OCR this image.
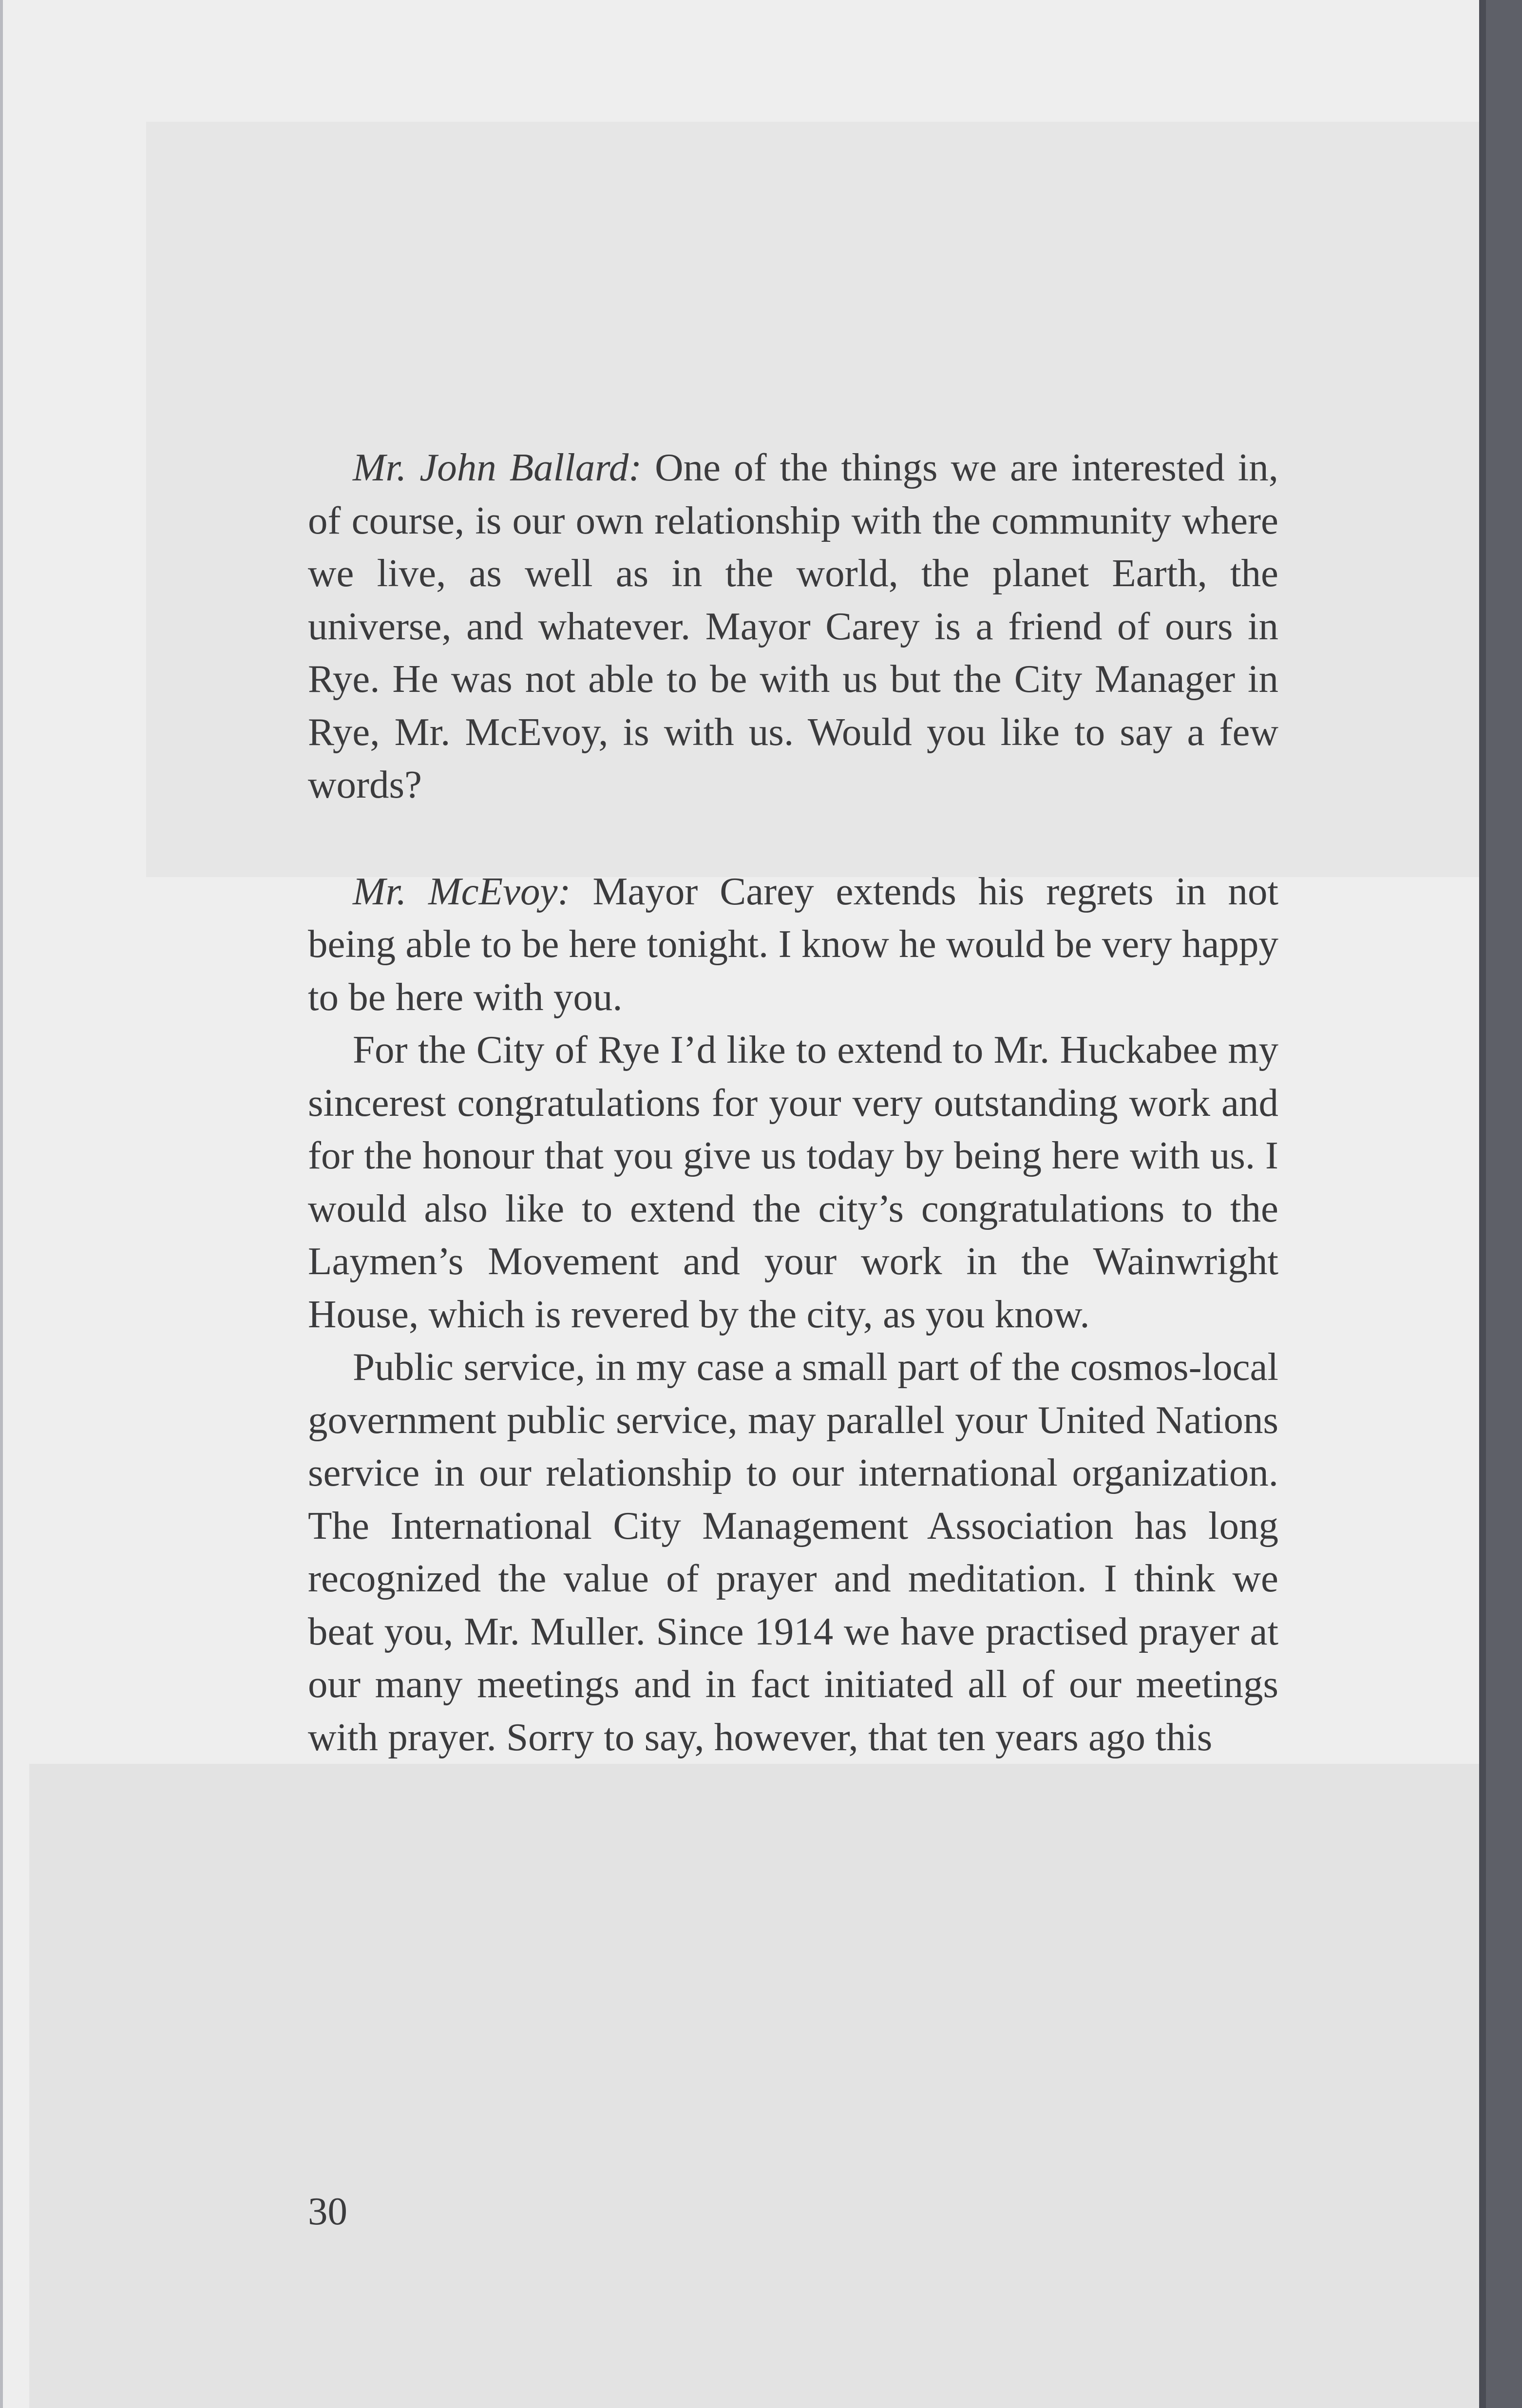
Mr. John Ballard: One of the things we are interested in, of course, is our own relationship with the community where we live, as well as in the world, the planet Earth, the universe, and whatever. Mayor Carey is a friend of ours in Rye. He was not able to be with us but the City Manager in Rye, Mr. McEvoy, is with us. Would you like to say a few words?

Mr. McEvoy: Mayor Carey extends his regrets in not being able to be here tonight. I know he would be very happy to be here with you.

For the City of Rye I’d like to extend to Mr. Huckabee my sincerest congratulations for your very outstanding work and for the honour that you give us today by being here with us. I would also like to extend the city’s congratulations to the Laymen’s Movement and your work in the Wainwright House, which is revered by the city, as you know.

Public service, in my case a small part of the cosmos-local government public service, may parallel your United Nations service in our relationship to our international organization. The International City Management Association has long recognized the value of prayer and meditation. I think we beat you, Mr. Muller. Since 1914 we have practised prayer at our many meetings and in fact initiated all of our meetings with prayer. Sorry to say, however, that ten years ago this

30
